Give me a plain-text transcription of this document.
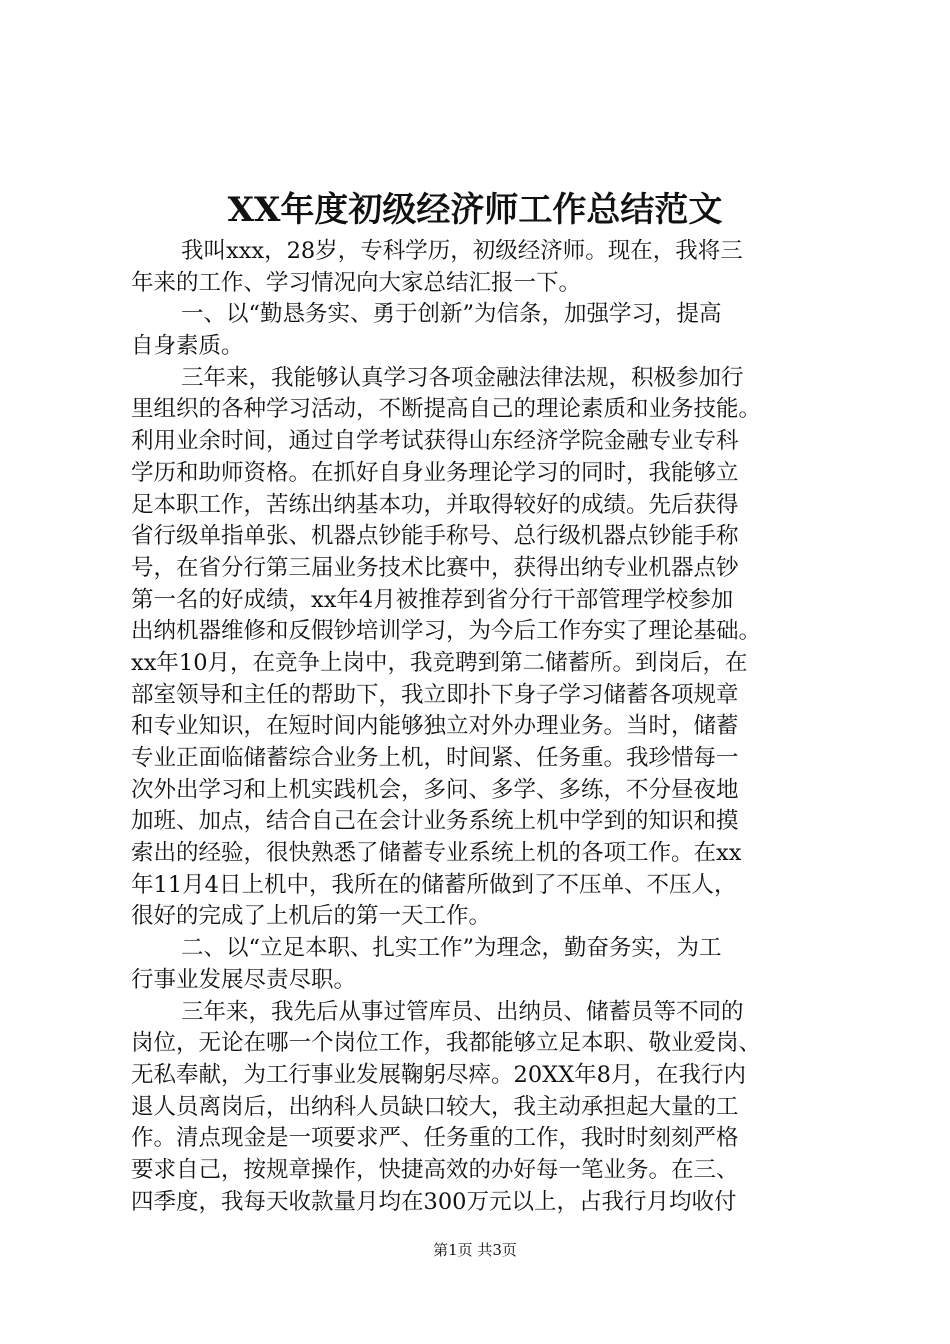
XX年度初级经济师工作总结范文
我叫xxx，28岁，专科学历，初级经济师。现在，我将三
年来的工作、学习情况向大家总结汇报一下。
一、以“勤恳务实、勇于创新”为信条，加强学习，提高
自身素质。
三年来，我能够认真学习各项金融法律法规，积极参加行
里组织的各种学习活动，不断提高自己的理论素质和业务技能。
利用业余时间，通过自学考试获得山东经济学院金融专业专科
学历和助师资格。在抓好自身业务理论学习的同时，我能够立
足本职工作，苦练出纳基本功，并取得较好的成绩。先后获得
省行级单指单张、机器点钞能手称号、总行级机器点钞能手称
号，在省分行第三届业务技术比赛中，获得出纳专业机器点钞
第一名的好成绩，xx年4月被推荐到省分行干部管理学校参加
出纳机器维修和反假钞培训学习，为今后工作夯实了理论基础。
xx年10月，在竞争上岗中，我竞聘到第二储蓄所。到岗后，在
部室领导和主任的帮助下，我立即扑下身子学习储蓄各项规章
和专业知识，在短时间内能够独立对外办理业务。当时，储蓄
专业正面临储蓄综合业务上机，时间紧、任务重。我珍惜每一
次外出学习和上机实践机会，多问、多学、多练，不分昼夜地
加班、加点，结合自己在会计业务系统上机中学到的知识和摸
索出的经验，很快熟悉了储蓄专业系统上机的各项工作。在xx
年11月4日上机中，我所在的储蓄所做到了不压单、不压人，
很好的完成了上机后的第一天工作。
二、以“立足本职、扎实工作”为理念，勤奋务实，为工
行事业发展尽责尽职。
三年来，我先后从事过管库员、出纳员、储蓄员等不同的
岗位，无论在哪一个岗位工作，我都能够立足本职、敬业爱岗、
无私奉献，为工行事业发展鞠躬尽瘁。20XX年8月，在我行内
退人员离岗后，出纳科人员缺口较大，我主动承担起大量的工
作。清点现金是一项要求严、任务重的工作，我时时刻刻严格
要求自己，按规章操作，快捷高效的办好每一笔业务。在三、
四季度，我每天收款量月均在300万元以上，占我行月均收付
第1页 共3页
